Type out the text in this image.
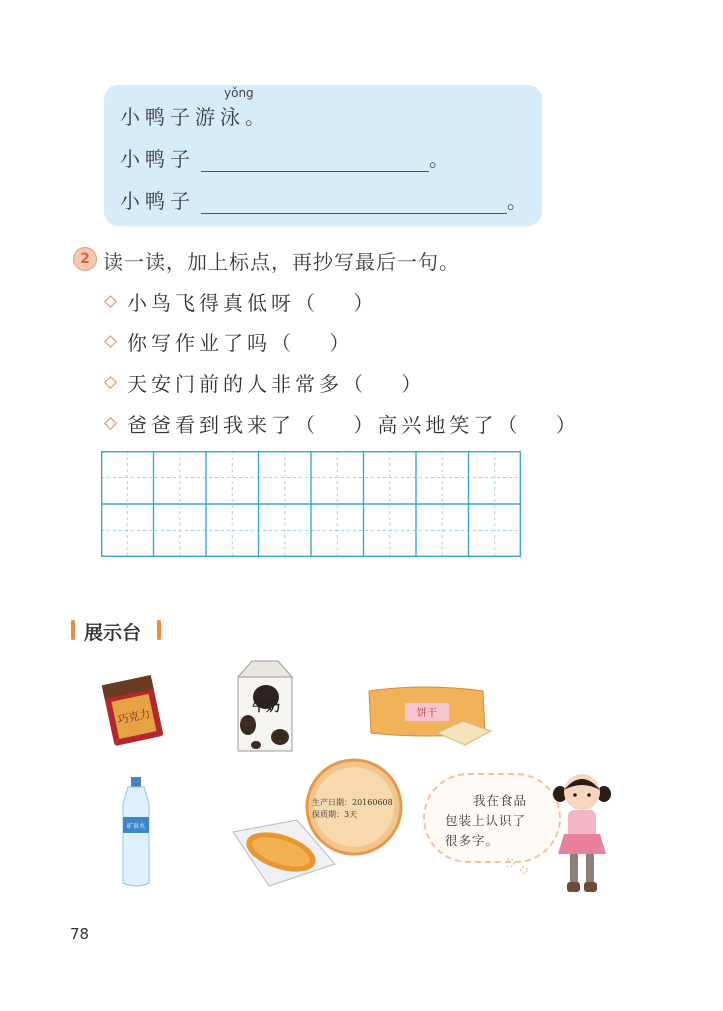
小鸭子游
yǒng
泳。
小鸭子	。
小鸭子	。
2 读一读，加上标点，再抄写最后一句。
小鸟飞得真低呀（　 ）
你写作业了吗（　 ）
天安门前的人非常多（　 ）
爸爸看到我来了（　 ）高兴地笑了（　 ）
展示台
巧克力
牛奶	饼干
矿泉水
生产日期：20160608
保质期：3天
我在食品
包装上认识了
很多字。
78
